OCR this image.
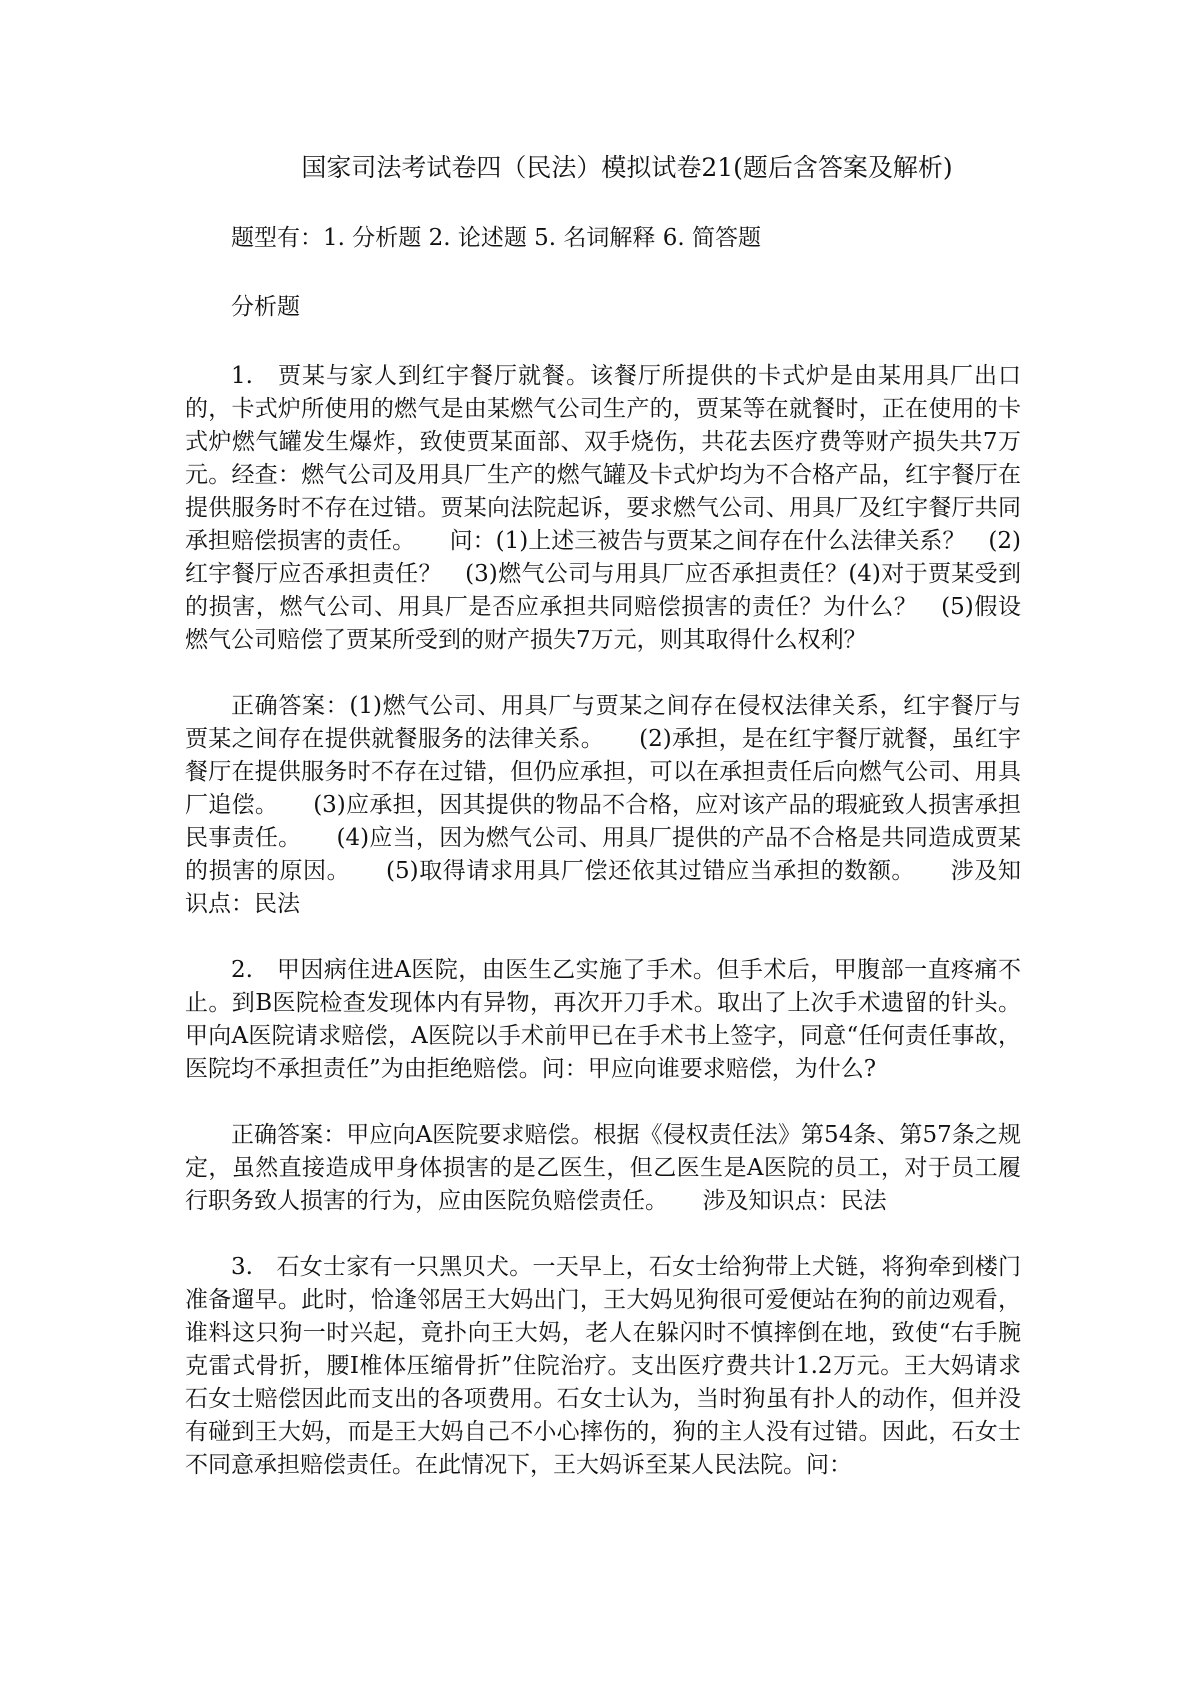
国家司法考试卷四（民法）模拟试卷21(题后含答案及解析)
题型有：1. 分析题 2. 论述题 5. 名词解释 6. 简答题
分析题
1.　贾某与家人到红宇餐厅就餐。该餐厅所提供的卡式炉是由某用具厂出口的，卡式炉所使用的燃气是由某燃气公司生产的，贾某等在就餐时，正在使用的卡式炉燃气罐发生爆炸，致使贾某面部、双手烧伤，共花去医疗费等财产损失共7万元。经查：燃气公司及用具厂生产的燃气罐及卡式炉均为不合格产品，红宇餐厅在提供服务时不存在过错。贾某向法院起诉，要求燃气公司、用具厂及红宇餐厅共同承担赔偿损害的责任。　　问：(1)上述三被告与贾某之间存在什么法律关系？　(2)红宇餐厅应否承担责任？　(3)燃气公司与用具厂应否承担责任？(4)对于贾某受到的损害，燃气公司、用具厂是否应承担共同赔偿损害的责任？为什么？　(5)假设燃气公司赔偿了贾某所受到的财产损失7万元，则其取得什么权利？
正确答案：(1)燃气公司、用具厂与贾某之间存在侵权法律关系，红宇餐厅与贾某之间存在提供就餐服务的法律关系。　　(2)承担，是在红宇餐厅就餐，虽红宇餐厅在提供服务时不存在过错，但仍应承担，可以在承担责任后向燃气公司、用具厂追偿。　　(3)应承担，因其提供的物品不合格，应对该产品的瑕疵致人损害承担民事责任。　　(4)应当，因为燃气公司、用具厂提供的产品不合格是共同造成贾某的损害的原因。　　(5)取得请求用具厂偿还依其过错应当承担的数额。　　涉及知识点：民法
2.　甲因病住进A医院，由医生乙实施了手术。但手术后，甲腹部一直疼痛不止。到B医院检查发现体内有异物，再次开刀手术。取出了上次手术遗留的针头。甲向A医院请求赔偿，A医院以手术前甲已在手术书上签字，同意“任何责任事故，医院均不承担责任”为由拒绝赔偿。问：甲应向谁要求赔偿，为什么?
正确答案：甲应向A医院要求赔偿。根据《侵权责任法》第54条、第57条之规定，虽然直接造成甲身体损害的是乙医生，但乙医生是A医院的员工，对于员工履行职务致人损害的行为，应由医院负赔偿责任。　　涉及知识点：民法
3.　石女士家有一只黑贝犬。一天早上，石女士给狗带上犬链，将狗牵到楼门准备遛早。此时，恰逢邻居王大妈出门，王大妈见狗很可爱便站在狗的前边观看，谁料这只狗一时兴起，竟扑向王大妈，老人在躲闪时不慎摔倒在地，致使“右手腕克雷式骨折，腰Ⅰ椎体压缩骨折”住院治疗。支出医疗费共计1.2万元。王大妈请求石女士赔偿因此而支出的各项费用。石女士认为，当时狗虽有扑人的动作，但并没有碰到王大妈，而是王大妈自己不小心摔伤的，狗的主人没有过错。因此，石女士不同意承担赔偿责任。在此情况下，王大妈诉至某人民法院。问：
